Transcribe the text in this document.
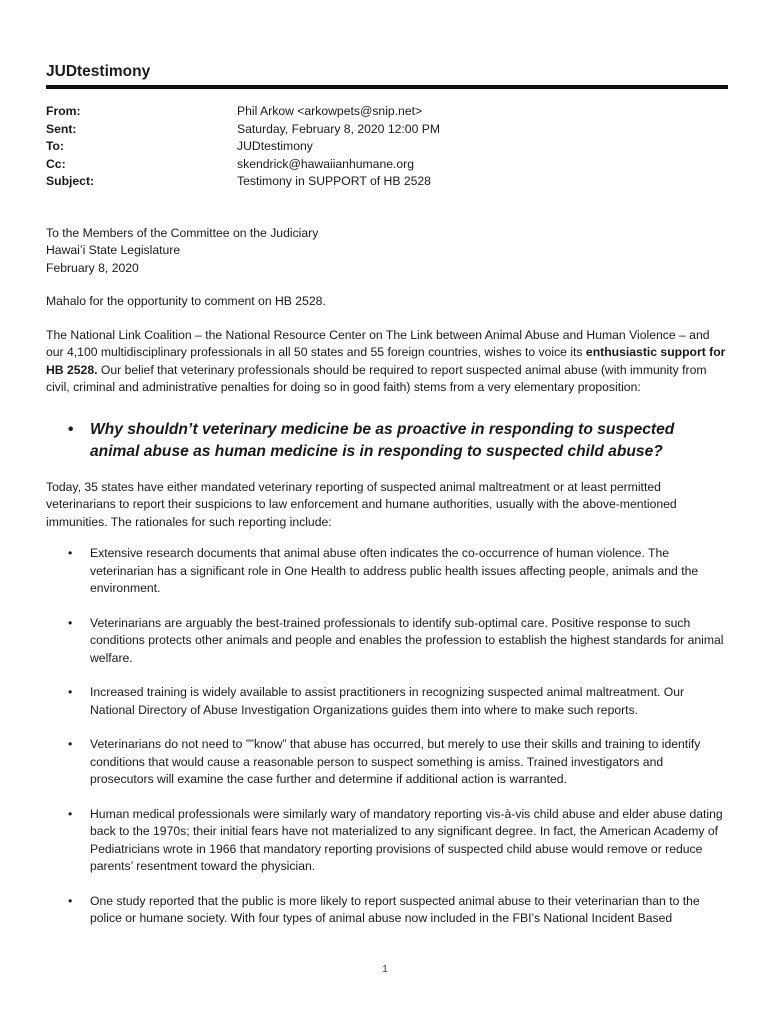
JUDtestimony
From:	Phil Arkow <arkowpets@snip.net>
Sent:	Saturday, February 8, 2020 12:00 PM
To:	JUDtestimony
Cc:	skendrick@hawaiianhumane.org
Subject:	Testimony in SUPPORT of HB 2528
To the Members of the Committee on the Judiciary
Hawai’i State Legislature
February 8, 2020

Mahalo for the opportunity to comment on HB 2528.

The National Link Coalition – the National Resource Center on The Link between Animal Abuse and Human Violence – and our 4,100 multidisciplinary professionals in all 50 states and 55 foreign countries, wishes to voice its enthusiastic support for HB 2528. Our belief that veterinary professionals should be required to report suspected animal abuse (with immunity from civil, criminal and administrative penalties for doing so in good faith) stems from a very elementary proposition:

•	Why shouldn’t veterinary medicine be as proactive in responding to suspected animal abuse as human medicine is in responding to suspected child abuse?

Today, 35 states have either mandated veterinary reporting of suspected animal maltreatment or at least permitted veterinarians to report their suspicions to law enforcement and humane authorities, usually with the above-mentioned immunities. The rationales for such reporting include:

•	Extensive research documents that animal abuse often indicates the co-occurrence of human violence. The veterinarian has a significant role in One Health to address public health issues affecting people, animals and the environment.
•	Veterinarians are arguably the best-trained professionals to identify sub-optimal care. Positive response to such conditions protects other animals and people and enables the profession to establish the highest standards for animal welfare.
•	Increased training is widely available to assist practitioners in recognizing suspected animal maltreatment. Our National Directory of Abuse Investigation Organizations guides them into where to make such reports.
•	Veterinarians do not need to ””know” that abuse has occurred, but merely to use their skills and training to identify conditions that would cause a reasonable person to suspect something is amiss. Trained investigators and prosecutors will examine the case further and determine if additional action is warranted.
•	Human medical professionals were similarly wary of mandatory reporting vis-à-vis child abuse and elder abuse dating back to the 1970s; their initial fears have not materialized to any significant degree. In fact, the American Academy of Pediatricians wrote in 1966 that mandatory reporting provisions of suspected child abuse would remove or reduce parents’ resentment toward the physician.
•	One study reported that the public is more likely to report suspected animal abuse to their veterinarian than to the police or humane society. With four types of animal abuse now included in the FBI’s National Incident Based
1
